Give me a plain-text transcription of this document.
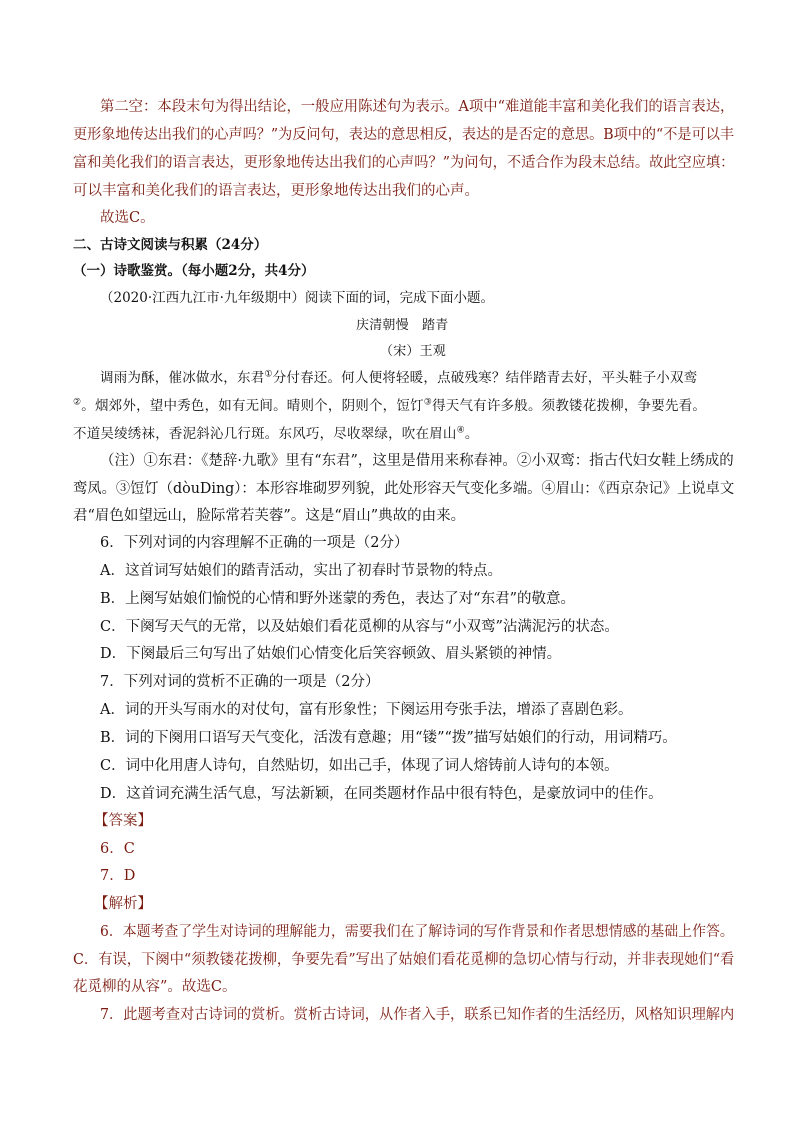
第二空：本段末句为得出结论，一般应用陈述句为表示。A项中“难道能丰富和美化我们的语言表达，
更形象地传达出我们的心声吗？”为反问句，表达的意思相反，表达的是否定的意思。B项中的“不是可以丰
富和美化我们的语言表达，更形象地传达出我们的心声吗？”为问句，不适合作为段末总结。故此空应填：
可以丰富和美化我们的语言表达，更形象地传达出我们的心声。
故选C。
二、古诗文阅读与积累（24分）
（一）诗歌鉴赏。（每小题2分，共4分）
（2020·江西九江市·九年级期中）阅读下面的词，完成下面小题。
庆清朝慢　踏青
（宋）王观
调雨为酥，催冰做水，东君①分付春还。何人便将轻暖，点破残寒？结伴踏青去好，平头鞋子小双鸾
②。烟郊外，望中秀色，如有无间。晴则个，阴则个，饾饤③得天气有许多般。须教镂花拨柳，争要先看。
不道吴绫绣袜，香泥斜沁几行斑。东风巧，尽收翠绿，吹在眉山④。
（注）①东君：《楚辞·九歌》里有“东君”，这里是借用来称春神。②小双鸾：指古代妇女鞋上绣成的
鸾凤。③饾饤（dòuDing）：本形容堆砌罗列貌，此处形容天气变化多端。④眉山：《西京杂记》上说卓文
君“眉色如望远山，脸际常若芙蓉”。这是“眉山”典故的由来。
6．下列对词的内容理解不正确的一项是（2分）
A．这首词写姑娘们的踏青活动，实出了初春时节景物的特点。
B．上阕写姑娘们愉悦的心情和野外迷蒙的秀色，表达了对“东君”的敬意。
C．下阕写天气的无常，以及姑娘们看花觅柳的从容与“小双鸾”沾满泥污的状态。
D．下阕最后三句写出了姑娘们心情变化后笑容顿敛、眉头紧锁的神情。
7．下列对词的赏析不正确的一项是（2分）
A．词的开头写雨水的对仗句，富有形象性；下阕运用夸张手法，增添了喜剧色彩。
B．词的下阕用口语写天气变化，活泼有意趣；用“镂”“拨”描写姑娘们的行动，用词精巧。
C．词中化用唐人诗句，自然贴切，如出己手，体现了词人熔铸前人诗句的本领。
D．这首词充满生活气息，写法新颖，在同类题材作品中很有特色，是豪放词中的佳作。
【答案】
6．C
7．D
【解析】
6．本题考查了学生对诗词的理解能力，需要我们在了解诗词的写作背景和作者思想情感的基础上作答。
C．有误，下阕中“须教镂花拨柳，争要先看”写出了姑娘们看花觅柳的急切心情与行动，并非表现她们“看
花觅柳的从容”。故选C。
7．此题考查对古诗词的赏析。赏析古诗词，从作者入手，联系已知作者的生活经历，风格知识理解内
